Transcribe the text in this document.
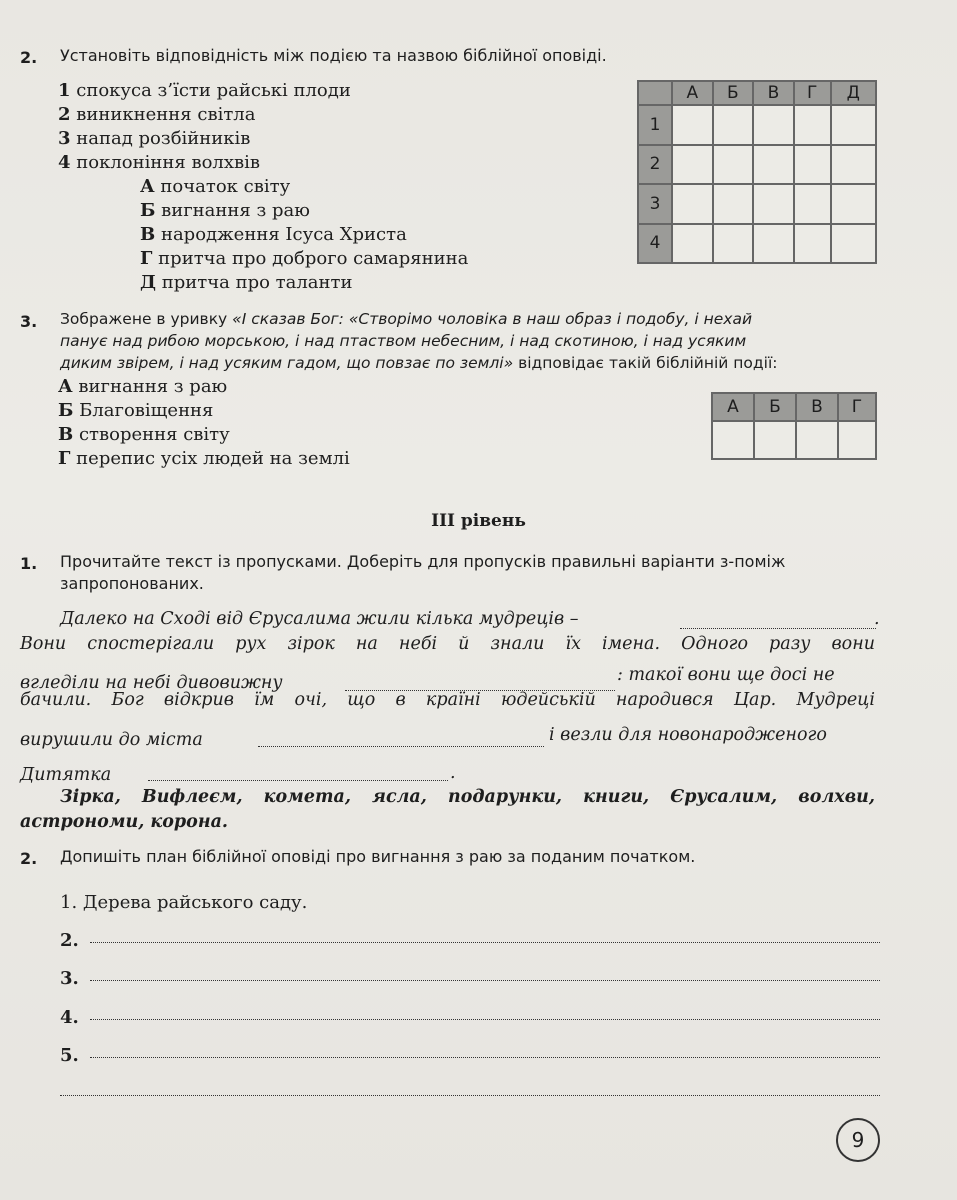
2. Установіть відповідність між подією та назвою біблійної оповіді.
1 спокуса з’їсти райські плоди
2 виникнення світла
3 напад розбійників
4 поклоніння волхвів
А початок світу
Б вигнання з раю
В народження Ісуса Христа
Г притча про доброго самарянина
Д притча про таланти
	А	Б	В	Г	Д
1					
2					
3					
4					
3. Зображене в уривку «І сказав Бог: «Створімо чоловіка в наш образ і подобу, і нехай
панує над рибою морською, і над птаством небесним, і над скотиною, і над усяким
диким звірем, і над усяким гадом, що повзає по землі» відповідає такій біблійній події:
А вигнання з раю
Б Благовіщення
В створення світу
Г перепис усіх людей на землі
А	Б	В	Г

ІІІ рівень
1. Прочитайте текст із пропусками. Доберіть для пропусків правильні варіанти з-поміж
запропонованих.
Далеко на Сході від Єрусалима жили кілька мудреців –	.
Вони спостерігали рух зірок на небі й знали їх імена. Одного разу вони
вгледіли на небі дивовижну	: такої вони ще досі не
бачили. Бог відкрив їм очі, що в країні юдейській народився Цар. Мудреці
вирушили до міста	і везли для новонародженого
Дитятка	.
Зірка, Вифлеєм, комета, ясла, подарунки, книги, Єрусалим, волхви,
астрономи, корона.
2. Допишіть план біблійної оповіді про вигнання з раю за поданим початком.
1. Дерева райського саду.
2.
3.
4.
5.
9
